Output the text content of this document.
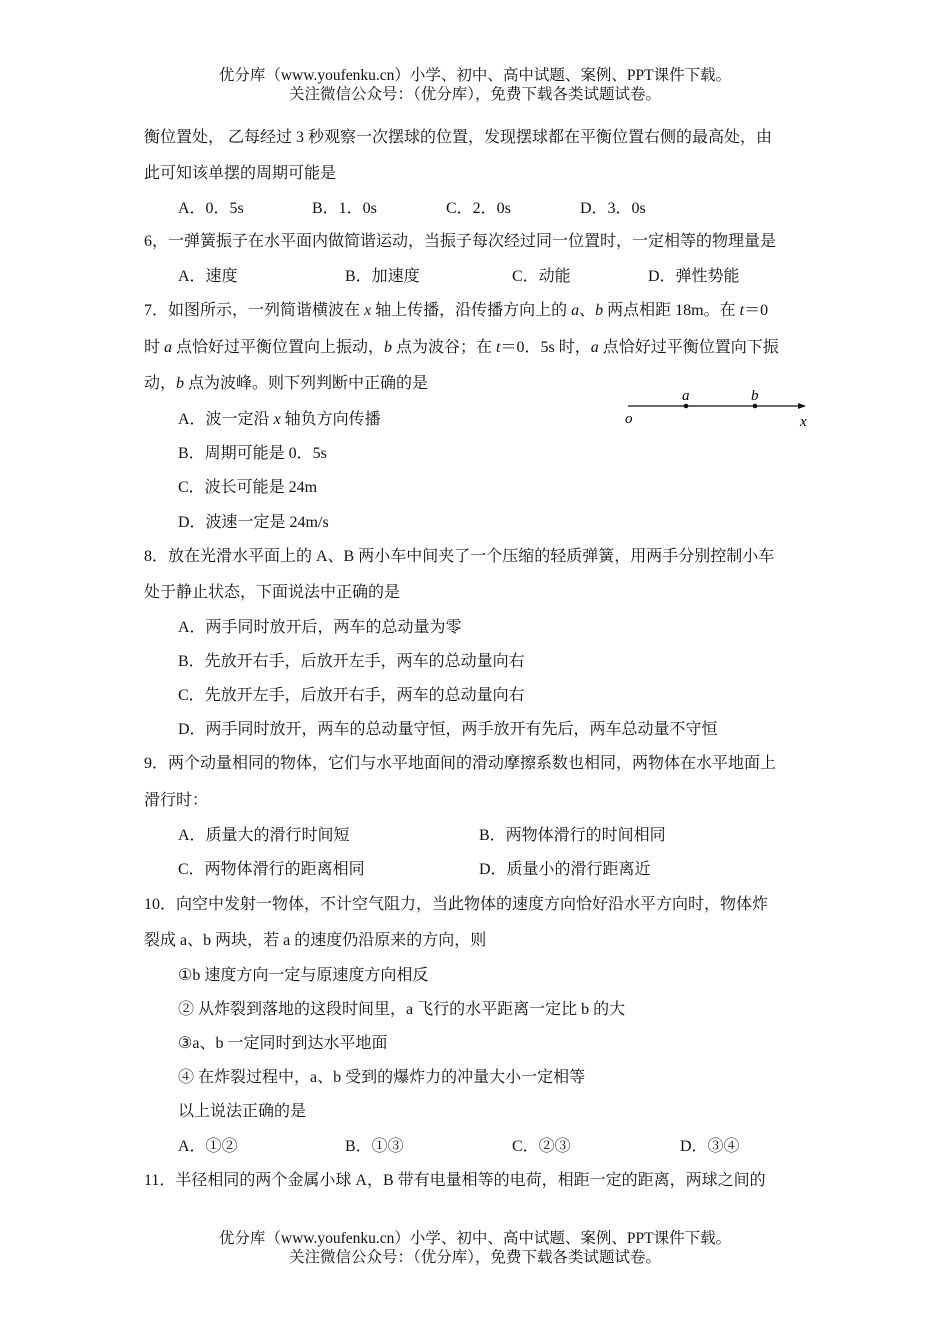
优分库（www.youfenku.cn）小学、初中、高中试题、案例、PPT课件下载。
关注微信公众号：（优分库），免费下载各类试题试卷。
衡位置处， 乙每经过 3 秒观察一次摆球的位置，发现摆球都在平衡位置右侧的最高处，由
此可知该单摆的周期可能是
A．0．5s	B．1．0s	C．2．0s	D．3．0s
6，一弹簧振子在水平面内做简谐运动，当振子每次经过同一位置时，一定相等的物理量是
A．速度	B．加速度	C．动能	D．弹性势能
7．如图所示，一列简谐横波在 x 轴上传播，沿传播方向上的 a、b 两点相距 18m。在 t＝0
时 a 点恰好过平衡位置向上振动，b 点为波谷；在 t＝0．5s 时，a 点恰好过平衡位置向下振
动，b 点为波峰。则下列判断中正确的是
A．波一定沿 x 轴负方向传播
B．周期可能是 0．5s
C．波长可能是 24m
D．波速一定是 24m/s
o
a	b
x
8．放在光滑水平面上的 A、B 两小车中间夹了一个压缩的轻质弹簧，用两手分别控制小车
处于静止状态，下面说法中正确的是
A．两手同时放开后，两车的总动量为零
B．先放开右手，后放开左手，两车的总动量向右
C．先放开左手，后放开右手，两车的总动量向右
D．两手同时放开，两车的总动量守恒，两手放开有先后，两车总动量不守恒
9．两个动量相同的物体，它们与水平地面间的滑动摩擦系数也相同，两物体在水平地面上
滑行时：
A．质量大的滑行时间短	B．两物体滑行的时间相同
C．两物体滑行的距离相同	D．质量小的滑行距离近
10．向空中发射一物体，不计空气阻力，当此物体的速度方向恰好沿水平方向时，物体炸
裂成 a、b 两块，若 a 的速度仍沿原来的方向，则
①b 速度方向一定与原速度方向相反
② 从炸裂到落地的这段时间里，a 飞行的水平距离一定比 b 的大
③a、b 一定同时到达水平地面
④ 在炸裂过程中，a、b 受到的爆炸力的冲量大小一定相等
以上说法正确的是
A．①②	B．①③	C．②③	D．③④
11．半径相同的两个金属小球 A，B 带有电量相等的电荷，相距一定的距离，两球之间的
优分库（www.youfenku.cn）小学、初中、高中试题、案例、PPT课件下载。
关注微信公众号：（优分库），免费下载各类试题试卷。
